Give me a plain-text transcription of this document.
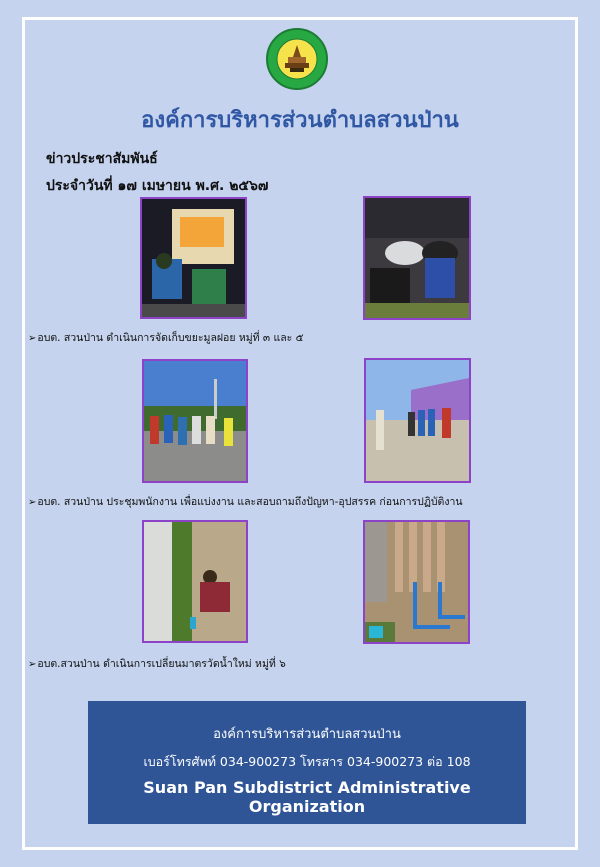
องค์การบริหารส่วนตำบลสวนป่าน
ข่าวประชาสัมพันธ์
ประจำวันที่ ๑๗ เมษายน พ.ศ. ๒๕๖๗
➢อบต. สวนป่าน ดำเนินการจัดเก็บขยะมูลฝอย หมู่ที่ ๓ และ ๕
➢อบต. สวนป่าน ประชุมพนักงาน เพื่อแบ่งงาน และสอบถามถึงปัญหา-อุปสรรค ก่อนการปฏิบัติงาน
➢อบต.สวนป่าน ดำเนินการเปลี่ยนมาตรวัดน้ำใหม่ หมู่ที่ ๖
องค์การบริหารส่วนตำบลสวนป่าน
เบอร์โทรศัพท์ 034-900273 โทรสาร 034-900273 ต่อ 108
Suan Pan Subdistrict Administrative Organization
